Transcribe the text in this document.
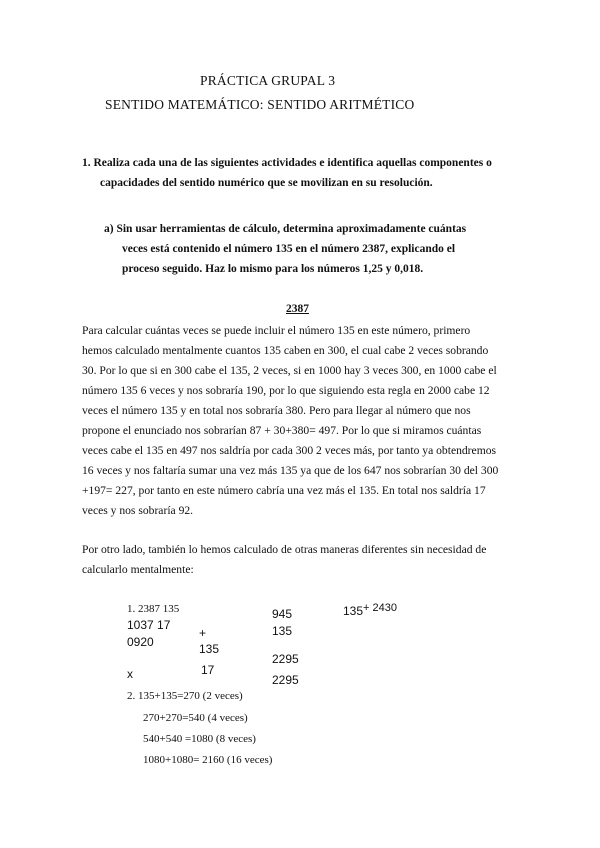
PRÁCTICA GRUPAL 3
SENTIDO MATEMÁTICO: SENTIDO ARITMÉTICO
1. Realiza cada una de las siguientes actividades e identifica aquellas componentes o
capacidades del sentido numérico que se movilizan en su resolución.
a) Sin usar herramientas de cálculo, determina aproximadamente cuántas
veces está contenido el número 135 en el número 2387, explicando el
proceso seguido. Haz lo mismo para los números 1,25 y 0,018.
2387
Para calcular cuántas veces se puede incluir el número 135 en este número, primero
hemos calculado mentalmente cuantos 135 caben en 300, el cual cabe 2 veces sobrando
30. Por lo que si en 300 cabe el 135, 2 veces, si en 1000 hay 3 veces 300, en 1000 cabe el
número 135 6 veces y nos sobraría 190, por lo que siguiendo esta regla en 2000 cabe 12
veces el número 135 y en total nos sobraría 380. Pero para llegar al número que nos
propone el enunciado nos sobrarían 87 + 30+380= 497. Por lo que si miramos cuántas
veces cabe el 135 en 497 nos saldría por cada 300 2 veces más, por tanto ya obtendremos
16 veces y nos faltaría sumar una vez más 135 ya que de los 647 nos sobrarían 30 del 300
+197= 227, por tanto en este número cabría una vez más el 135. En total nos saldría 17
veces y nos sobraría 92.
Por otro lado, también lo hemos calculado de otras maneras diferentes sin necesidad de
calcularlo mentalmente:
1. 2387 135
1037 17
0920
x
+
135
17
945
135
2295
2295
$135^{+ 2430}$
2. 135+135=270 (2 veces)
270+270=540 (4 veces)
540+540 =1080 (8 veces)
1080+1080= 2160 (16 veces)
